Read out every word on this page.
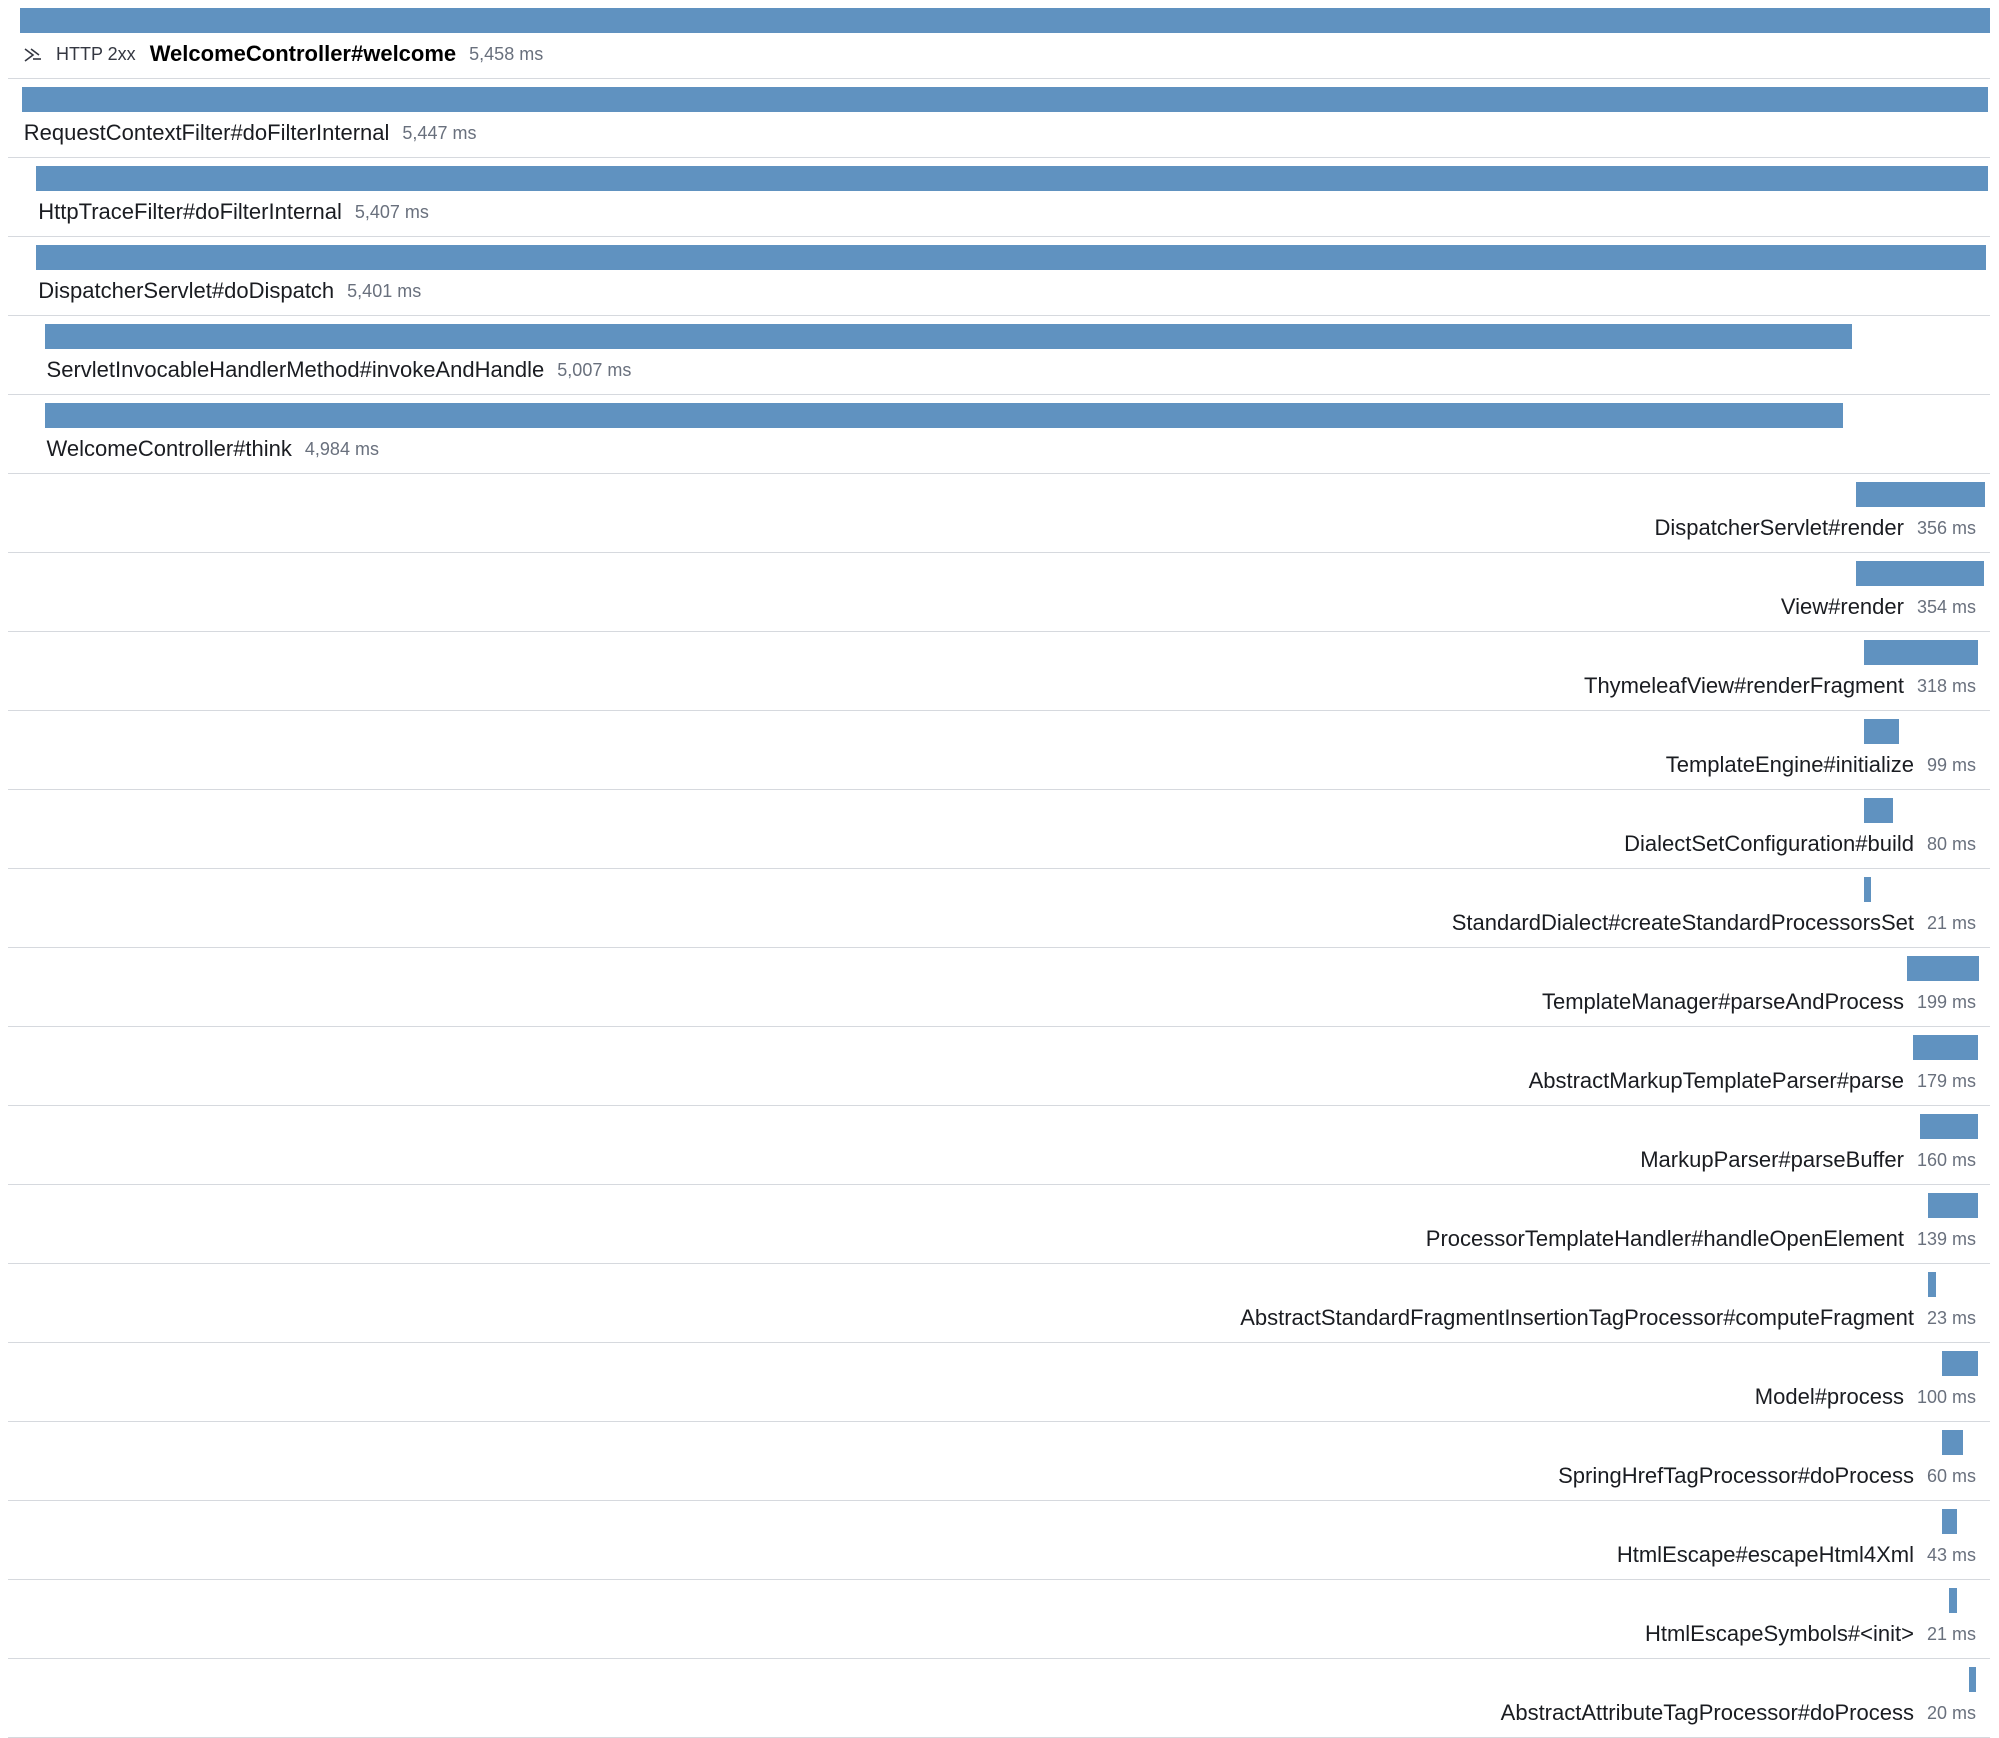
HTTP 2xx WelcomeController#welcome 5,458 ms
RequestContextFilter#doFilterInternal 5,447 ms
HttpTraceFilter#doFilterInternal 5,407 ms
DispatcherServlet#doDispatch 5,401 ms
ServletInvocableHandlerMethod#invokeAndHandle 5,007 ms
WelcomeController#think 4,984 ms
DispatcherServlet#render 356 ms
View#render 354 ms
ThymeleafView#renderFragment 318 ms
TemplateEngine#initialize 99 ms
DialectSetConfiguration#build 80 ms
StandardDialect#createStandardProcessorsSet 21 ms
TemplateManager#parseAndProcess 199 ms
AbstractMarkupTemplateParser#parse 179 ms
MarkupParser#parseBuffer 160 ms
ProcessorTemplateHandler#handleOpenElement 139 ms
AbstractStandardFragmentInsertionTagProcessor#computeFragment 23 ms
Model#process 100 ms
SpringHrefTagProcessor#doProcess 60 ms
HtmlEscape#escapeHtml4Xml 43 ms
HtmlEscapeSymbols#<init> 21 ms
AbstractAttributeTagProcessor#doProcess 20 ms
